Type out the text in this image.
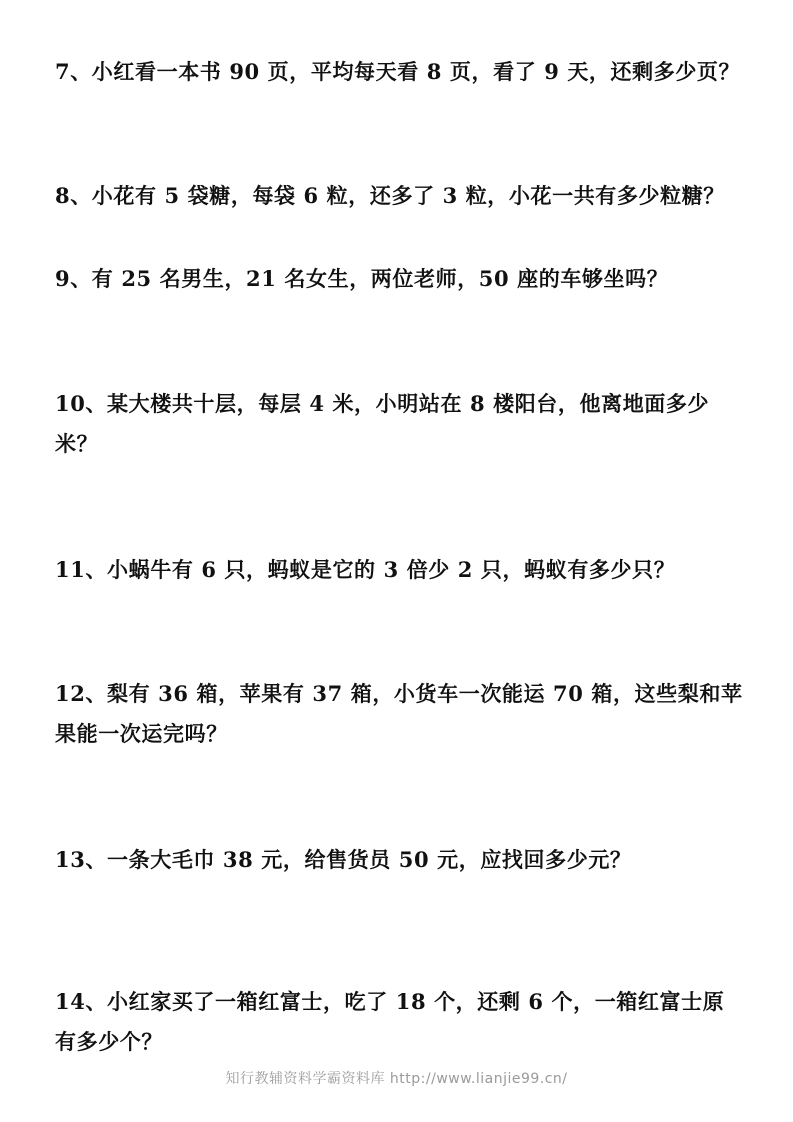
7、小红看一本书 90 页，平均每天看 8 页，看了 9 天，还剩多少页？

8、小花有 5 袋糖，每袋 6 粒，还多了 3 粒，小花一共有多少粒糖？

9、有 25 名男生，21 名女生，两位老师，50 座的车够坐吗？

10、某大楼共十层，每层 4 米，小明站在 8 楼阳台，他离地面多少米？

11、小蜗牛有 6 只，蚂蚁是它的 3 倍少 2 只，蚂蚁有多少只？

12、梨有 36 箱，苹果有 37 箱，小货车一次能运 70 箱，这些梨和苹果能一次运完吗？

13、一条大毛巾 38 元，给售货员 50 元，应找回多少元？

14、小红家买了一箱红富士，吃了 18 个，还剩 6 个，一箱红富士原有多少个？

知行教辅资料学霸资料库 http://www.lianjie99.cn/
